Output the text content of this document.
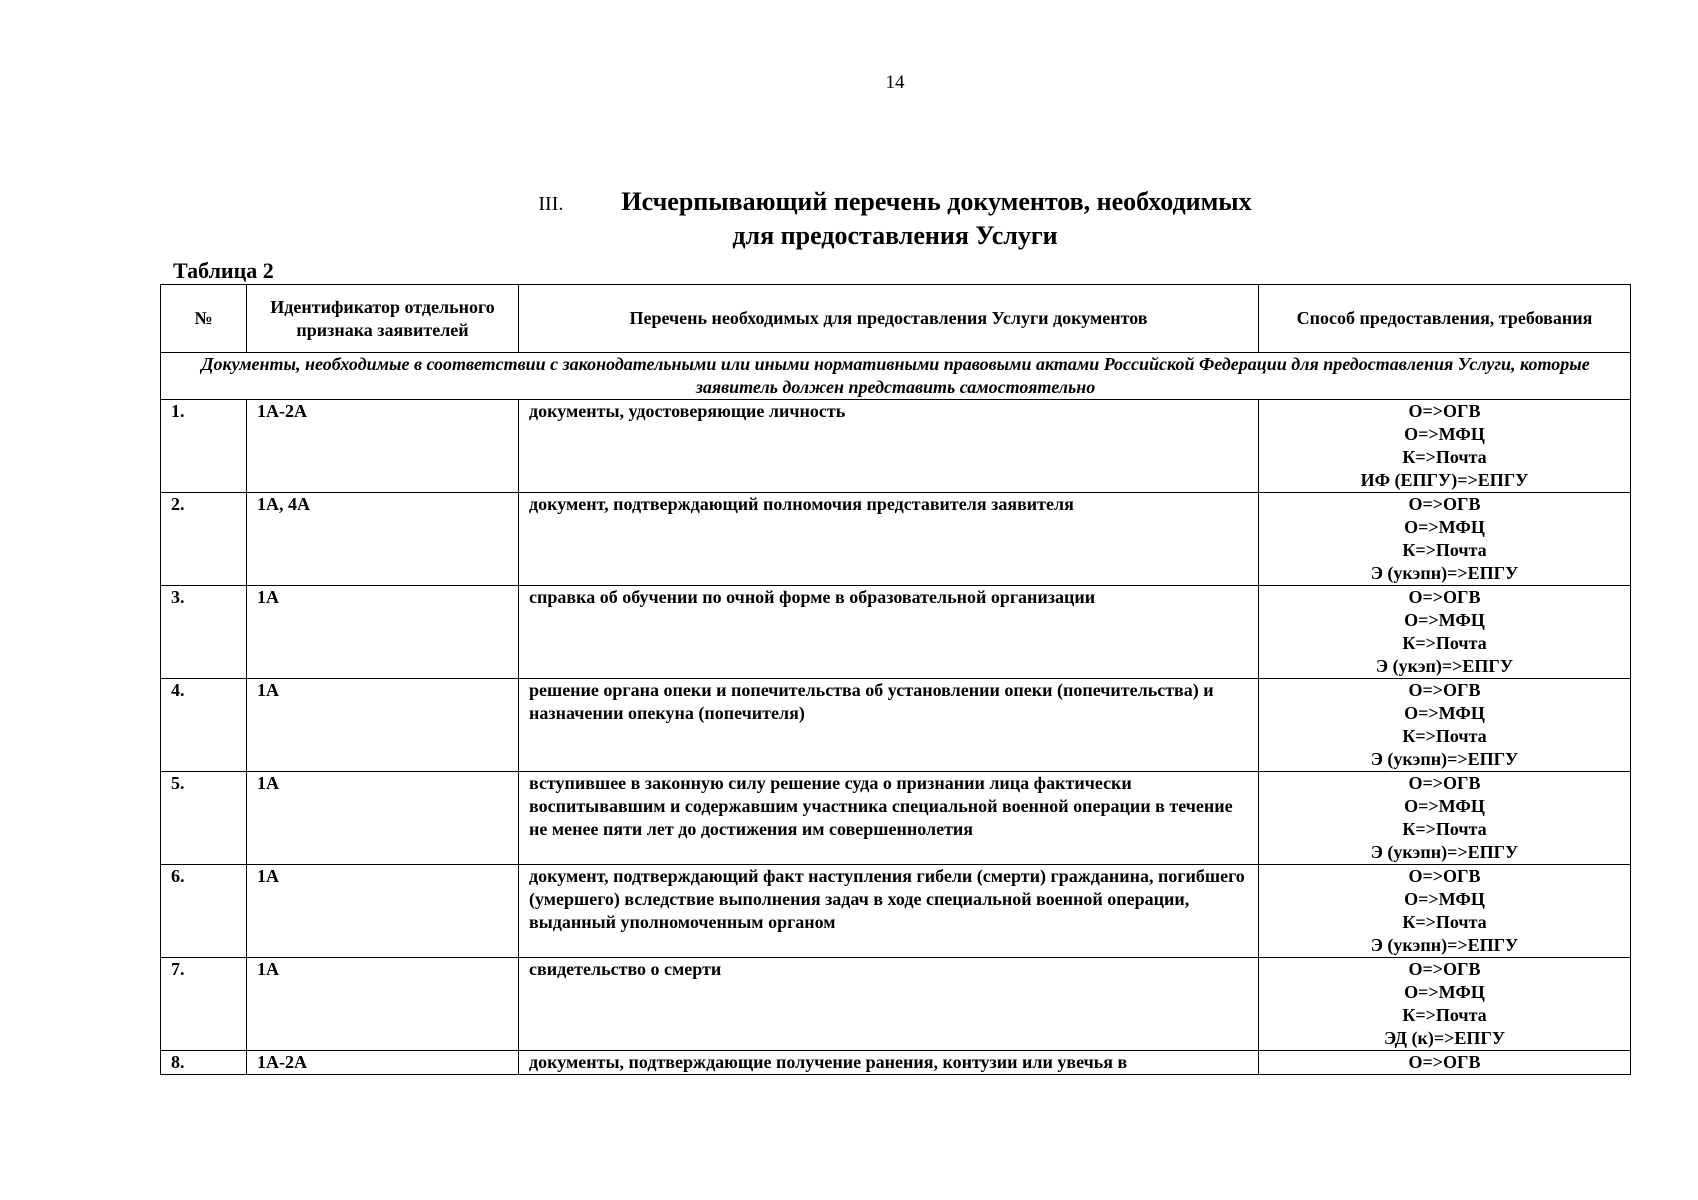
14
III. Исчерпывающий перечень документов, необходимых
для предоставления Услуги
Таблица 2
№	Идентификатор отдельного признака заявителей	Перечень необходимых для предоставления Услуги документов	Способ предоставления, требования
Документы, необходимые в соответствии с законодательными или иными нормативными правовыми актами Российской Федерации для предоставления Услуги, которые заявитель должен представить самостоятельно			
1.	1А-2А	документы, удостоверяющие личность	О=>ОГВ
О=>МФЦ
К=>Почта
ИФ (ЕПГУ)=>ЕПГУ

2.	1А, 4А	документ, подтверждающий полномочия представителя заявителя	О=>ОГВ
О=>МФЦ
К=>Почта
Э (укэпн)=>ЕПГУ

3.	1А	справка об обучении по очной форме в образовательной организации	О=>ОГВ
О=>МФЦ
К=>Почта
Э (укэп)=>ЕПГУ

4.	1А	решение органа опеки и попечительства об установлении опеки (попечительства) и назначении опекуна (попечителя)	О=>ОГВ
О=>МФЦ
К=>Почта
Э (укэпн)=>ЕПГУ

5.	1А	вступившее в законную силу решение суда о признании лица фактически воспитывавшим и содержавшим участника специальной военной операции в течение не менее пяти лет до достижения им совершеннолетия	О=>ОГВ
О=>МФЦ
К=>Почта
Э (укэпн)=>ЕПГУ

6.	1А	документ, подтверждающий факт наступления гибели (смерти) гражданина, погибшего (умершего) вследствие выполнения задач в ходе специальной военной операции, выданный уполномоченным органом	О=>ОГВ
О=>МФЦ
К=>Почта
Э (укэпн)=>ЕПГУ

7.	1А	свидетельство о смерти	О=>ОГВ
О=>МФЦ
К=>Почта
ЭД (к)=>ЕПГУ

8.	1А-2А	документы, подтверждающие получение ранения, контузии или увечья в	О=>ОГВ
